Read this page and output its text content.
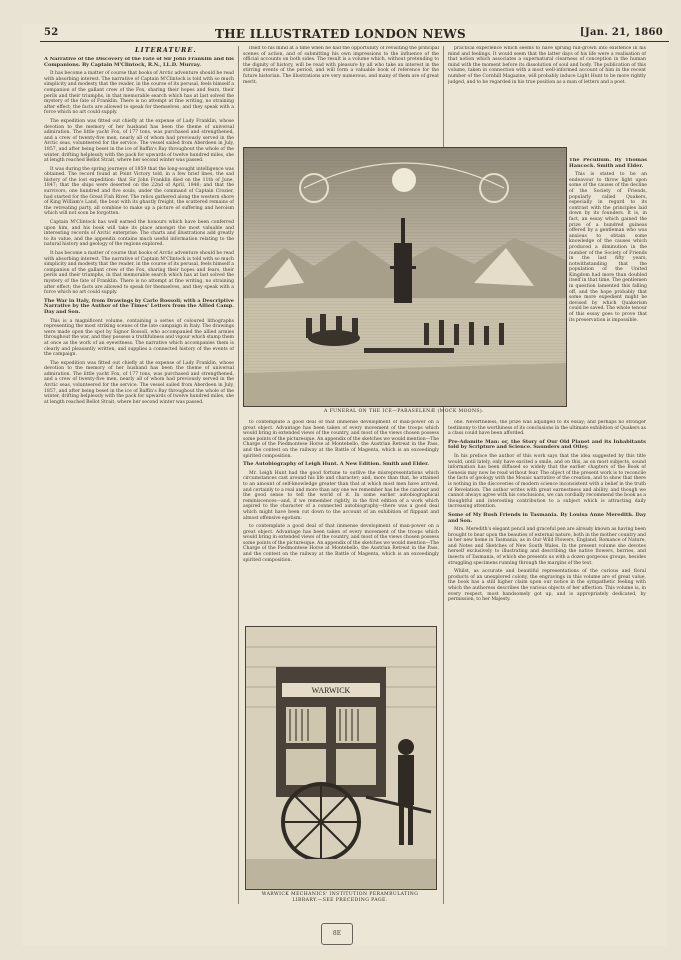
52	THE ILLUSTRATED LONDON NEWS	[Jan. 21, 1860
LITERATURE.

A Narrative of the Discovery of the Fate of Sir John Franklin and his Companions. By Captain M'Clintock, R.N., LL.D. Murray.

It has become a matter of course that books of Arctic adventure should be read with absorbing interest. The narrative of Captain M'Clintock is told with so much simplicity and modesty that the reader, in the course of its perusal, feels himself a companion of the gallant crew of the Fox, sharing their hopes and fears, their perils and their triumphs, in that memorable search which has at last solved the mystery of the fate of Franklin. There is no attempt at fine writing, no straining after effect; the facts are allowed to speak for themselves, and they speak with a force which no art could supply.

The expedition was fitted out chiefly at the expense of Lady Franklin, whose devotion to the memory of her husband has been the theme of universal admiration. The little yacht Fox, of 177 tons, was purchased and strengthened, and a crew of twenty-five men, nearly all of whom had previously served in the Arctic seas, volunteered for the service. The vessel sailed from Aberdeen in July, 1857, and after being beset in the ice of Baffin's Bay throughout the whole of the winter, drifting helplessly with the pack for upwards of twelve hundred miles, she at length reached Bellot Strait, where her second winter was passed.

It was during the spring journeys of 1859 that the long-sought intelligence was obtained. The record found at Point Victory told, in a few brief lines, the sad history of the lost expedition: that Sir John Franklin died on the 11th of June, 1847; that the ships were deserted on the 22nd of April, 1848; and that the survivors, one hundred and five souls, under the command of Captain Crozier, had started for the Great Fish River. The relics gathered along the western shore of King William's Land, the boat with its ghastly freight, the scattered remains of the retreating party, all combine to make up a picture of suffering and heroism which will not soon be forgotten.

Captain M'Clintock has well earned the honours which have been conferred upon him, and his book will take its place amongst the most valuable and interesting records of Arctic enterprise. The charts and illustrations add greatly to its value, and the appendix contains much useful information relating to the natural history and geology of the regions explored.

It has become a matter of course that books of Arctic adventure should be read with absorbing interest. The narrative of Captain M'Clintock is told with so much simplicity and modesty that the reader, in the course of its perusal, feels himself a companion of the gallant crew of the Fox, sharing their hopes and fears, their perils and their triumphs, in that memorable search which has at last solved the mystery of the fate of Franklin. There is no attempt at fine writing, no straining after effect; the facts are allowed to speak for themselves, and they speak with a force which no art could supply.

The War in Italy, from Drawings by Carlo Bossoli; with a Descriptive Narrative by the Author of the Times' Letters from the Allied Camp. Day and Son.

This is a magnificent volume, containing a series of coloured lithographs representing the most striking scenes of the late campaign in Italy. The drawings were made upon the spot by Signor Bossoli, who accompanied the allied armies throughout the war, and they possess a truthfulness and vigour which stamp them at once as the work of an eyewitness. The narrative which accompanies them is clearly and pleasantly written, and supplies a connected history of the events of the campaign.

The expedition was fitted out chiefly at the expense of Lady Franklin, whose devotion to the memory of her husband has been the theme of universal admiration. The little yacht Fox, of 177 tons, was purchased and strengthened, and a crew of twenty-five men, nearly all of whom had previously served in the Arctic seas, volunteered for the service. The vessel sailed from Aberdeen in July, 1857, and after being beset in the ice of Baffin's Bay throughout the whole of the winter, drifting helplessly with the pack for upwards of twelve hundred miles, she at length reached Bellot Strait, where her second winter was passed.

itself to his mind at a time when he had the opportunity of revisiting the principal scenes of action, and of submitting his own impressions to the influence of the official accounts on both sides. The result is a volume which, without pretending to the dignity of history, will be read with pleasure by all who take an interest in the stirring events of the period, and will form a valuable book of reference for the future historian. The illustrations are very numerous, and many of them are of great merit.

practical experience which seems to have sprung full-grown into existence in his mind and feelings. It would seem that the latter days of his life were a realisation of that notion which associates a supernatural clearness of conception in the human mind with the moment before its dissolution of soul and body. The publication of this volume, taken in connection with a most well-informed account of him in the recent number of the Cornhill Magazine, will probably induce Light Hunt to be more rightly judged, and to be regarded in his true position as a man of letters and a poet.

The Peculium. By Thomas Hancock. Smith and Elder.

This is stated to be an endeavour to throw light upon some of the causes of the decline of the Society of Friends, popularly called Quakers, especially in regard to its contrast with the principles laid down by its founders. It is, in fact, an essay which gained the prize of a hundred guineas offered by a gentleman who was anxious to obtain some knowledge of the causes which produced a diminution in the number of the Society of Friends in the last fifty years, notwithstanding that the population of the United Kingdom had more than doubled itself in that time. The gentlemen in question lamented this falling off, and the hope probably that some more expedient might be devised by which Quakerism could be saved. The whole tenour of this essay goes to prove that its preservation is impossible.

A FUNERAL ON THE ICE—PARASELENÆ (MOCK MOONS).

to contemplate a good deal of that immense development of man-power on a great object. Advantage has been taken of every movement of the troops which would bring in extended views of the country, and most of the views chosen possess some points of the picturesque. An appendix of the sketches we would mention—The Charge of the Piedmontese Horse at Montebello, the Austrian Retreat in the Pass, and the contest on the railway at the Battle of Magenta, which is an exceedingly spirited composition.

The Autobiography of Leigh Hunt. A New Edition. Smith and Elder.

Mr. Leigh Hunt had the good fortune to outlive the misrepresentations which circumstances cast around his life and character; and, more than that, he attained to an amount of self-knowledge greater than that at which most men have arrived, and certainly to a real and more than any one we remember has he the candour and the good sense to tell the world of it. In some earlier autobiographical reminiscences—and, if we remember rightly, in the first edition of a work which aspired to the character of a connected autobiography—there was a good deal which might have been cut down to the account of an exhibition of flippant and almost offensive egotism.

to contemplate a good deal of that immense development of man-power on a great object. Advantage has been taken of every movement of the troops which would bring in extended views of the country, and most of the views chosen possess some points of the picturesque. An appendix of the sketches we would mention—The Charge of the Piedmontese Horse at Montebello, the Austrian Retreat in the Pass, and the contest on the railway at the Battle of Magenta, which is an exceedingly spirited composition.

one. Nevertheless, the prize was adjudged to its essay; and perhaps no stronger testimony to the worthiness of its conclusions in the ultimate exhibition of Quakers as a class could have been afforded.

Pre-Adamite Man: or, the Story of Our Old Planet and its Inhabitants told by Scripture and Science. Saunders and Otley.

In his preface the author of this work says that the idea suggested by this title would, until lately, only have excited a smile, and on this, as on most subjects, sound information has been diffused so widely that the earlier chapters of the Book of Genesis may now be read without fear. The object of the present work is to reconcile the facts of geology with the Mosaic narrative of the creation, and to show that there is nothing in the discoveries of modern science inconsistent with a belief in the truth of Revelation. The author writes with great earnestness and ability, and though we cannot always agree with his conclusions, we can cordially recommend the book as a thoughtful and interesting contribution to a subject which is attracting daily increasing attention.

Some of My Bush Friends in Tasmania. By Louisa Anne Meredith. Day and Son.

Mrs. Meredith's elegant pencil and graceful pen are already known as having been brought to bear upon the beauties of external nature, both in the mother country and in her new home in Tasmania, as in Our Wild Flowers, England, Romance of Nature, and Notes and Sketches of New South Wales. In the present volume she devotes herself exclusively to illustrating and describing the native flowers, berries, and insects of Tasmania, of which she presents us with a dozen gorgeous groups, besides struggling specimens running through the margins of the text.

Whilst, as accurate and beautiful representations of the curious and floral products of an unexplored colony, the engravings in this volume are of great value, the book has a still higher claim upon our notice in the sympathetic feeling with which the authoress describes the various objects of her affection. This volume is, in every respect, most handsomely got up, and is appropriately dedicated, by permission, to her Majesty.

WARWICK
WARWICK MECHANICS' INSTITUTION PERAMBULATING
LIBRARY.—SEE PRECEDING PAGE.
8E
